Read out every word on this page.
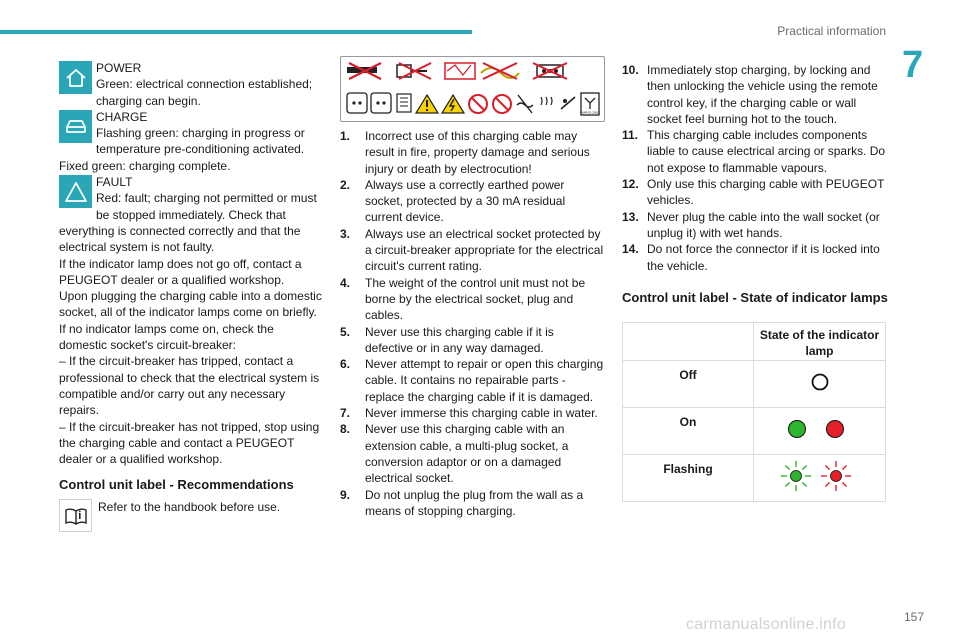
Practical information
7
POWER
Green: electrical connection established; charging can begin.
CHARGE
Flashing green: charging in progress or temperature pre-conditioning activated.
Fixed green: charging complete.
FAULT
Red: fault; charging not permitted or must be stopped immediately. Check that everything is connected correctly and that the electrical system is not faulty.
If the indicator lamp does not go off, contact a PEUGEOT dealer or a qualified workshop.
Upon plugging the charging cable into a domestic socket, all of the indicator lamps come on briefly.
If no indicator lamps come on, check the domestic socket's circuit-breaker:
– If the circuit-breaker has tripped, contact a professional to check that the electrical system is compatible and/or carry out any necessary repairs.
– If the circuit-breaker has not tripped, stop using the charging cable and contact a PEUGEOT dealer or a qualified workshop.
Control unit label - Recommendations
Refer to the handbook before use.
CHARGE CABLE
1.	Incorrect use of this charging cable may result in fire, property damage and serious injury or death by electrocution!
2.	Always use a correctly earthed power socket, protected by a 30 mA residual current device.
3.	Always use an electrical socket protected by a circuit-breaker appropriate for the electrical circuit's current rating.
4.	The weight of the control unit must not be borne by the electrical socket, plug and cables.
5.	Never use this charging cable if it is defective or in any way damaged.
6.	Never attempt to repair or open this charging cable. It contains no repairable parts - replace the charging cable if it is damaged.
7.	Never immerse this charging cable in water.
8.	Never use this charging cable with an extension cable, a multi-plug socket, a conversion adaptor or on a damaged electrical socket.
9.	Do not unplug the plug from the wall as a means of stopping charging.
10. Immediately stop charging, by locking and then unlocking the vehicle using the remote control key, if the charging cable or wall socket feel burning hot to the touch.
11. This charging cable includes components liable to cause electrical arcing or sparks. Do not expose to flammable vapours.
12. Only use this charging cable with PEUGEOT vehicles.
13. Never plug the cable into the wall socket (or unplug it) with wet hands.
14. Do not force the connector if it is locked into the vehicle.
Control unit label - State of indicator lamps
	State of the indicator lamp
Off	
On	
Flashing	
157
carmanualsonline.info
